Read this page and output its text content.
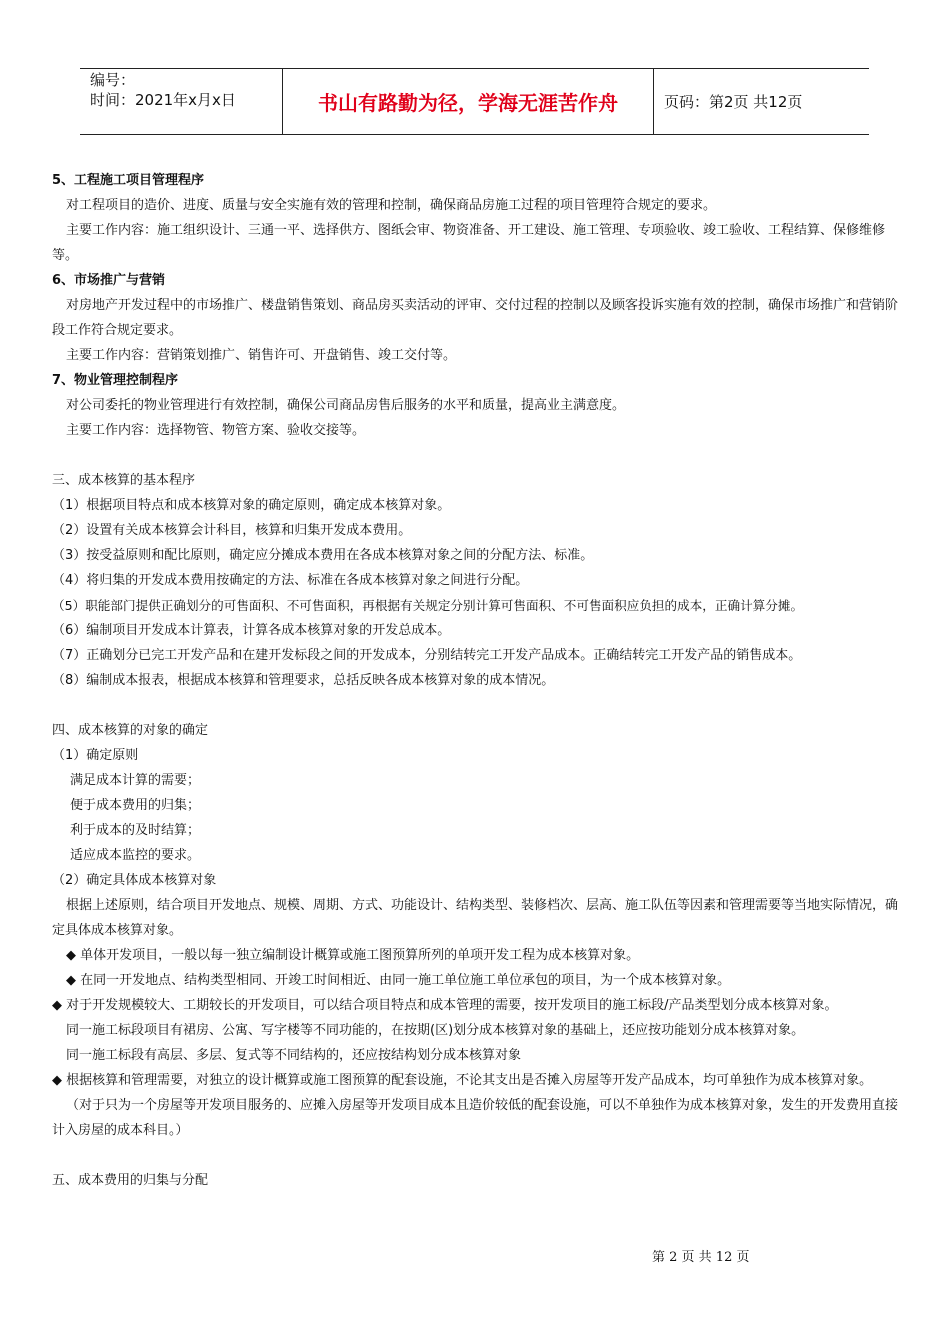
编号：
时间：2021年x月x日	书山有路勤为径，学海无涯苦作舟	页码：第2页 共12页

5、工程施工项目管理程序

对工程项目的造价、进度、质量与安全实施有效的管理和控制，确保商品房施工过程的项目管理符合规定的要求。

主要工作内容：施工组织设计、三通一平、选择供方、图纸会审、物资准备、开工建设、施工管理、专项验收、竣工验收、工程结算、保修维修等。

6、市场推广与营销

对房地产开发过程中的市场推广、楼盘销售策划、商品房买卖活动的评审、交付过程的控制以及顾客投诉实施有效的控制，确保市场推广和营销阶段工作符合规定要求。

主要工作内容：营销策划推广、销售许可、开盘销售、竣工交付等。

7、物业管理控制程序

对公司委托的物业管理进行有效控制，确保公司商品房售后服务的水平和质量，提高业主满意度。

主要工作内容：选择物管、物管方案、验收交接等。

三、成本核算的基本程序

（1）根据项目特点和成本核算对象的确定原则，确定成本核算对象。

（2）设置有关成本核算会计科目，核算和归集开发成本费用。

（3）按受益原则和配比原则，确定应分摊成本费用在各成本核算对象之间的分配方法、标准。

（4）将归集的开发成本费用按确定的方法、标准在各成本核算对象之间进行分配。

（5）职能部门提供正确划分的可售面积、不可售面积，再根据有关规定分别计算可售面积、不可售面积应负担的成本，正确计算分摊。

（6）编制项目开发成本计算表，计算各成本核算对象的开发总成本。

（7）正确划分已完工开发产品和在建开发标段之间的开发成本，分别结转完工开发产品成本。正确结转完工开发产品的销售成本。

（8）编制成本报表，根据成本核算和管理要求，总括反映各成本核算对象的成本情况。

四、成本核算的对象的确定

（1）确定原则

满足成本计算的需要；

便于成本费用的归集；

利于成本的及时结算；

适应成本监控的要求。

（2）确定具体成本核算对象

根据上述原则，结合项目开发地点、规模、周期、方式、功能设计、结构类型、装修档次、层高、施工队伍等因素和管理需要等当地实际情况，确定具体成本核算对象。

◆ 单体开发项目，一般以每一独立编制设计概算或施工图预算所列的单项开发工程为成本核算对象。

◆ 在同一开发地点、结构类型相同、开竣工时间相近、由同一施工单位施工单位承包的项目，为一个成本核算对象。

◆ 对于开发规模较大、工期较长的开发项目，可以结合项目特点和成本管理的需要，按开发项目的施工标段/产品类型划分成本核算对象。

同一施工标段项目有裙房、公寓、写字楼等不同功能的，在按期(区)划分成本核算对象的基础上，还应按功能划分成本核算对象。

同一施工标段有高层、多层、复式等不同结构的，还应按结构划分成本核算对象

◆ 根据核算和管理需要，对独立的设计概算或施工图预算的配套设施，不论其支出是否摊入房屋等开发产品成本，均可单独作为成本核算对象。

（对于只为一个房屋等开发项目服务的、应摊入房屋等开发项目成本且造价较低的配套设施，可以不单独作为成本核算对象，发生的开发费用直接计入房屋的成本科目。）

五、成本费用的归集与分配

第 2 页 共 12 页
